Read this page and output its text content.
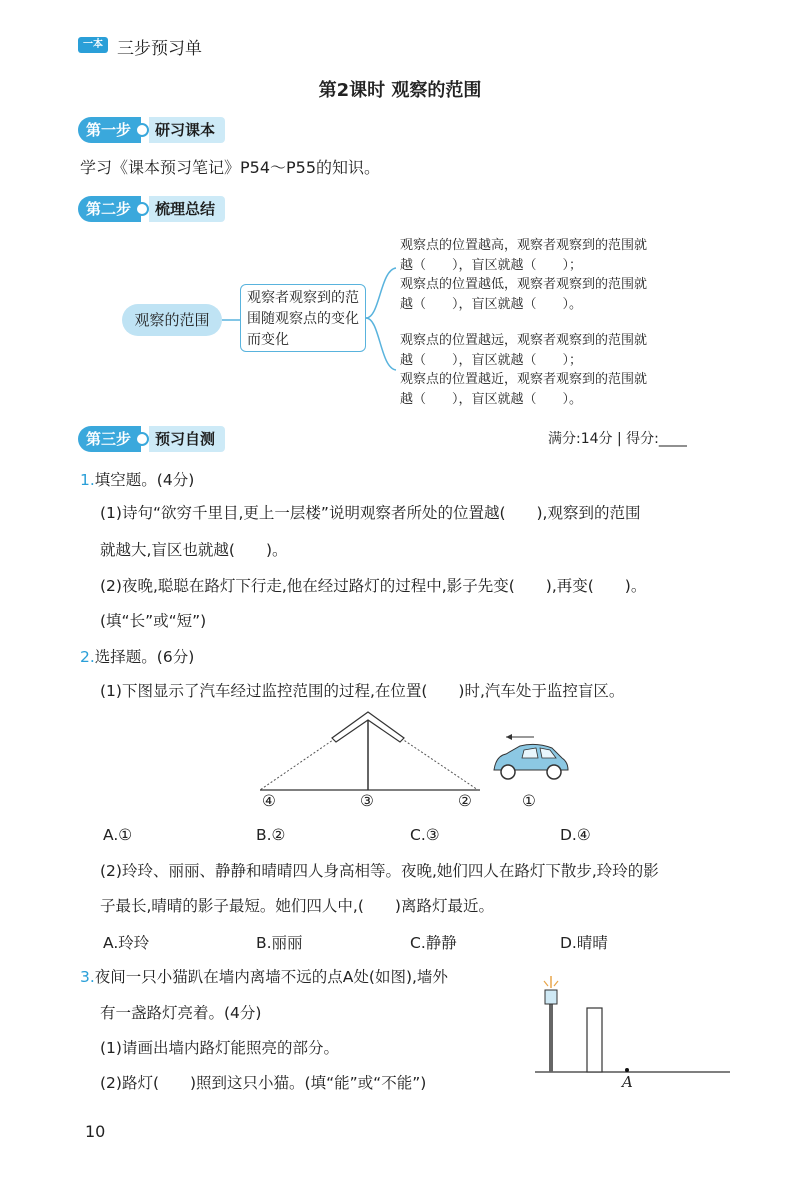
一本 三步预习单
第2课时 观察的范围
第一步	研习课本
学习《课本预习笔记》P54～P55的知识。
第二步	梳理总结
观察的范围
观察者观察到的范围随观察点的变化而变化
观察点的位置越高，观察者观察到的范围就
越（　　），盲区就越（　　）；
观察点的位置越低，观察者观察到的范围就
越（　　），盲区就越（　　）。
观察点的位置越远，观察者观察到的范围就
越（　　），盲区就越（　　）；
观察点的位置越近，观察者观察到的范围就
越（　　），盲区就越（　　）。
第三步	预习自测	满分:14分 | 得分:____
1.填空题。(4分)
(1)诗句“欲穷千里目,更上一层楼”说明观察者所处的位置越(　　),观察到的范围
就越大,盲区也就越(　　)。
(2)夜晚,聪聪在路灯下行走,他在经过路灯的过程中,影子先变(　　),再变(　　)。
(填“长”或“短”)
2.选择题。(6分)
(1)下图显示了汽车经过监控范围的过程,在位置(　　)时,汽车处于监控盲区。
④	③	②	①
A.①	B.②	C.③	D.④
(2)玲玲、丽丽、静静和晴晴四人身高相等。夜晚,她们四人在路灯下散步,玲玲的影
子最长,晴晴的影子最短。她们四人中,(　　)离路灯最近。
A.玲玲	B.丽丽	C.静静	D.晴晴
3.夜间一只小猫趴在墙内离墙不远的点A处(如图),墙外
有一盏路灯亮着。(4分)
(1)请画出墙内路灯能照亮的部分。
(2)路灯(　　)照到这只小猫。(填“能”或“不能”)	A
10
